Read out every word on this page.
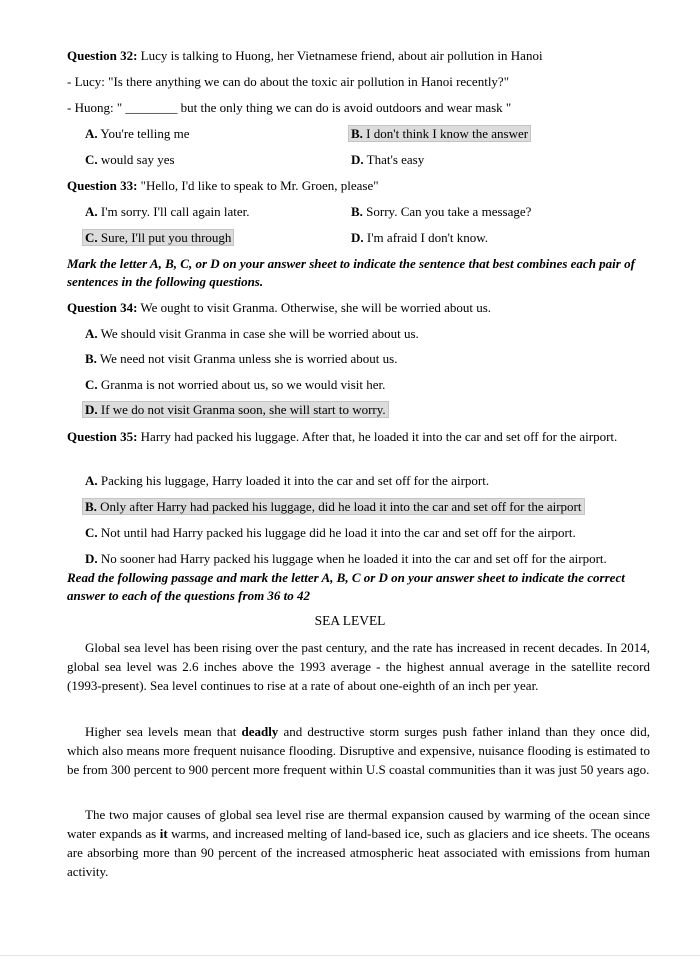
Question 32: Lucy is talking to Huong, her Vietnamese friend, about air pollution in Hanoi
- Lucy: "Is there anything we can do about the toxic air pollution in Hanoi recently?"
- Huong: " ________ but the only thing we can do is avoid outdoors and wear mask "
A. You're telling me	B. I don't think I know the answer
C. would say yes	D. That's easy
Question 33: "Hello, I'd like to speak to Mr. Groen, please"
A. I'm sorry. I'll call again later.	B. Sorry. Can you take a message?
C. Sure, I'll put you through	D. I'm afraid I don't know.
Mark the letter A, B, C, or D on your answer sheet to indicate the sentence that best combines each pair of sentences in the following questions.
Question 34: We ought to visit Granma. Otherwise, she will be worried about us.
A. We should visit Granma in case she will be worried about us.
B. We need not visit Granma unless she is worried about us.
C. Granma is not worried about us, so we would visit her.
D. If we do not visit Granma soon, she will start to worry.
Question 35: Harry had packed his luggage. After that, he loaded it into the car and set off for the airport.
A. Packing his luggage, Harry loaded it into the car and set off for the airport.
B. Only after Harry had packed his luggage, did he load it into the car and set off for the airport
C. Not until had Harry packed his luggage did he load it into the car and set off for the airport.
D. No sooner had Harry packed his luggage when he loaded it into the car and set off for the airport.
Read the following passage and mark the letter A, B, C or D on your answer sheet to indicate the correct answer to each of the questions from 36 to 42
SEA LEVEL
Global sea level has been rising over the past century, and the rate has increased in recent decades. In 2014, global sea level was 2.6 inches above the 1993 average - the highest annual average in the satellite record (1993-present). Sea level continues to rise at a rate of about one-eighth of an inch per year.
Higher sea levels mean that deadly and destructive storm surges push father inland than they once did, which also means more frequent nuisance flooding. Disruptive and expensive, nuisance flooding is estimated to be from 300 percent to 900 percent more frequent within U.S coastal communities than it was just 50 years ago.
The two major causes of global sea level rise are thermal expansion caused by warming of the ocean since water expands as it warms, and increased melting of land-based ice, such as glaciers and ice sheets. The oceans are absorbing more than 90 percent of the increased atmospheric heat associated with emissions from human activity.
